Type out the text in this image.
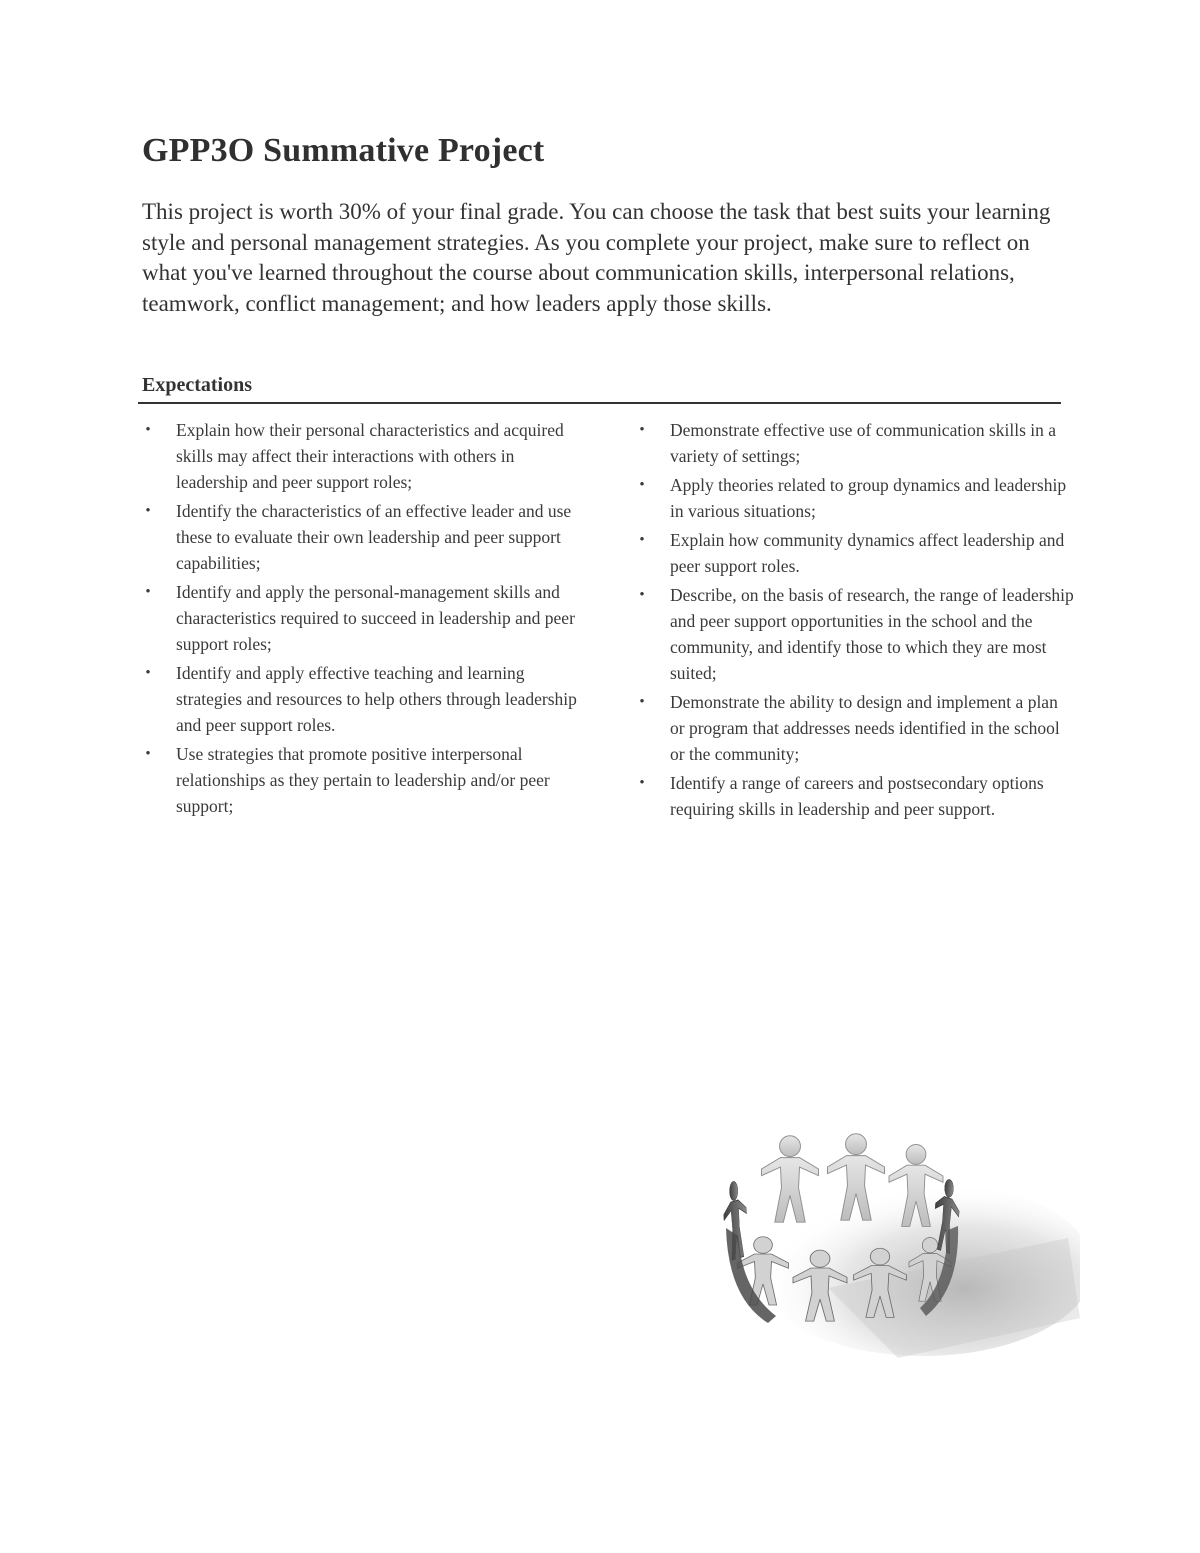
GPP3O Summative Project

This project is worth 30% of your final grade. You can choose the task that best suits your learning style and personal management strategies. As you complete your project, make sure to reflect on what you've learned throughout the course about communication skills, interpersonal relations, teamwork, conflict management; and how leaders apply those skills.

Expectations
• Explain how their personal characteristics and acquired skills may affect their interactions with others in leadership and peer support roles;
• Identify the characteristics of an effective leader and use these to evaluate their own leadership and peer support capabilities;
• Identify and apply the personal-management skills and characteristics required to succeed in leadership and peer support roles;
• Identify and apply effective teaching and learning strategies and resources to help others through leadership and peer support roles.
• Use strategies that promote positive interpersonal relationships as they pertain to leadership and/or peer support;
• Demonstrate effective use of communication skills in a variety of settings;
• Apply theories related to group dynamics and leadership in various situations;
• Explain how community dynamics affect leadership and peer support roles.
• Describe, on the basis of research, the range of leadership and peer support opportunities in the school and the community, and identify those to which they are most suited;
• Demonstrate the ability to design and implement a plan or program that addresses needs identified in the school or the community;
• Identify a range of careers and postsecondary options requiring skills in leadership and peer support.
